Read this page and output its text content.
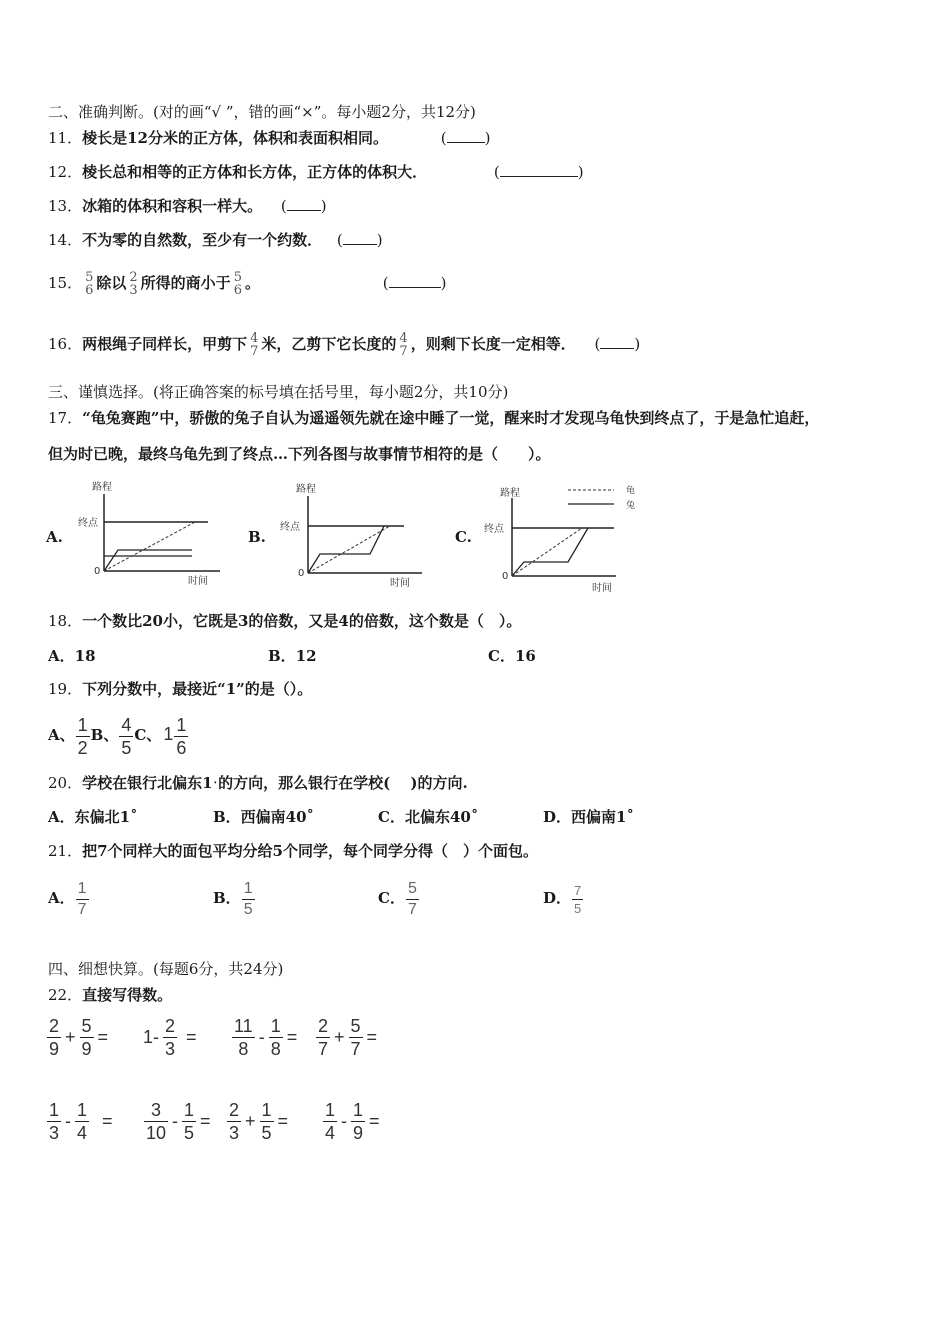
二、准确判断。(对的画“√ ”，错的画“×”。每小题2分，共12分)
11．棱长是12分米的正方体，体积和表面积相同。	(	)
12．棱长总和相等的正方体和长方体，正方体的体积大．	(	)
13．冰箱的体积和容积一样大。 ( )
14．不为零的自然数，至少有一个约数． ( )
15． 5
6 除以 2
3 所得的商小于 5
6 。	(	)
16．两根绳子同样长，甲剪下 4
7 米，乙剪下它长度的 4
7 ，则剩下长度一定相等． ( )
三、谨慎选择。(将正确答案的标号填在括号里，每小题2分，共10分)
17．“龟兔赛跑”中，骄傲的兔子自认为遥遥领先就在途中睡了一觉，醒来时才发现乌龟快到终点了，于是急忙追赶，
但为时已晚，最终乌龟先到了终点…下列各图与故事情节相符的是（　　）。
A.
路程
终点
0
时间
B.
路程
终点
0
时间
C.
路程
终点
0
龟
兔
时间
18．一个数比20小，它既是3的倍数，又是4的倍数，这个数是（　）。
A．18	B．12	C．16
19．下列分数中，最接近“1”的是（）。
A、 $\frac{1}{2}$ B、 $\frac{4}{5}$ C、 $1 \frac{1}{6}$
20．学校在银行北偏东1ˑ的方向，那么银行在学校(　 )的方向.
A．东偏北1˚	B．西偏南40˚	C．北偏东40˚	D．西偏南1˚
21．把7个同样大的面包平均分给5个同学，每个同学分得（　）个面包。
A． $\frac{1}{7}$	B． $\frac{1}{5}$	C． $\frac{5}{7}$	D． $\frac{7}{5}$
四、细想快算。(每题6分，共24分)
22．直接写得数。
$\frac{2}{9} + \frac{5}{9} = 1- \frac{2}{3} = \frac{11}{8} - \frac{1}{8} = \frac{2}{7} + \frac{5}{7}$ =
$\frac{1}{3} - \frac{1}{4} = \frac{3}{10} - \frac{1}{5} = \frac{2}{3} + \frac{1}{5} = \frac{1}{4} - \frac{1}{9}$ =
